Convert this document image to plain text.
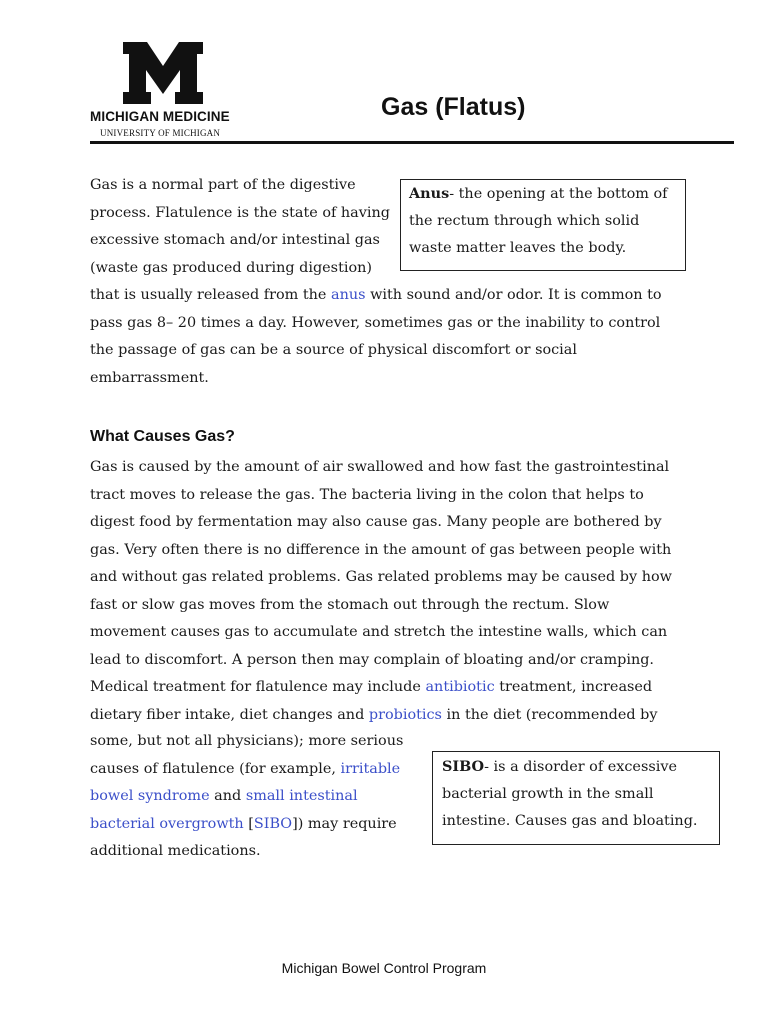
MICHIGAN MEDICINE
UNIVERSITY OF MICHIGAN
Gas (Flatus)
Gas is a normal part of the digestive
process. Flatulence is the state of having
excessive stomach and/or intestinal gas
(waste gas produced during digestion)
Anus- the opening at the bottom of
the rectum through which solid
waste matter leaves the body.
that is usually released from the anus with sound and/or odor. It is common to
pass gas 8– 20 times a day. However, sometimes gas or the inability to control
the passage of gas can be a source of physical discomfort or social
embarrassment.
What Causes Gas?
Gas is caused by the amount of air swallowed and how fast the gastrointestinal
tract moves to release the gas. The bacteria living in the colon that helps to
digest food by fermentation may also cause gas. Many people are bothered by
gas. Very often there is no difference in the amount of gas between people with
and without gas related problems. Gas related problems may be caused by how
fast or slow gas moves from the stomach out through the rectum. Slow
movement causes gas to accumulate and stretch the intestine walls, which can
lead to discomfort. A person then may complain of bloating and/or cramping.
Medical treatment for flatulence may include antibiotic treatment, increased
dietary fiber intake, diet changes and probiotics in the diet (recommended by
some, but not all physicians); more serious
causes of flatulence (for example, irritable
bowel syndrome and small intestinal
bacterial overgrowth [SIBO]) may require
additional medications.
SIBO- is a disorder of excessive
bacterial growth in the small
intestine. Causes gas and bloating.
Michigan Bowel Control Program
